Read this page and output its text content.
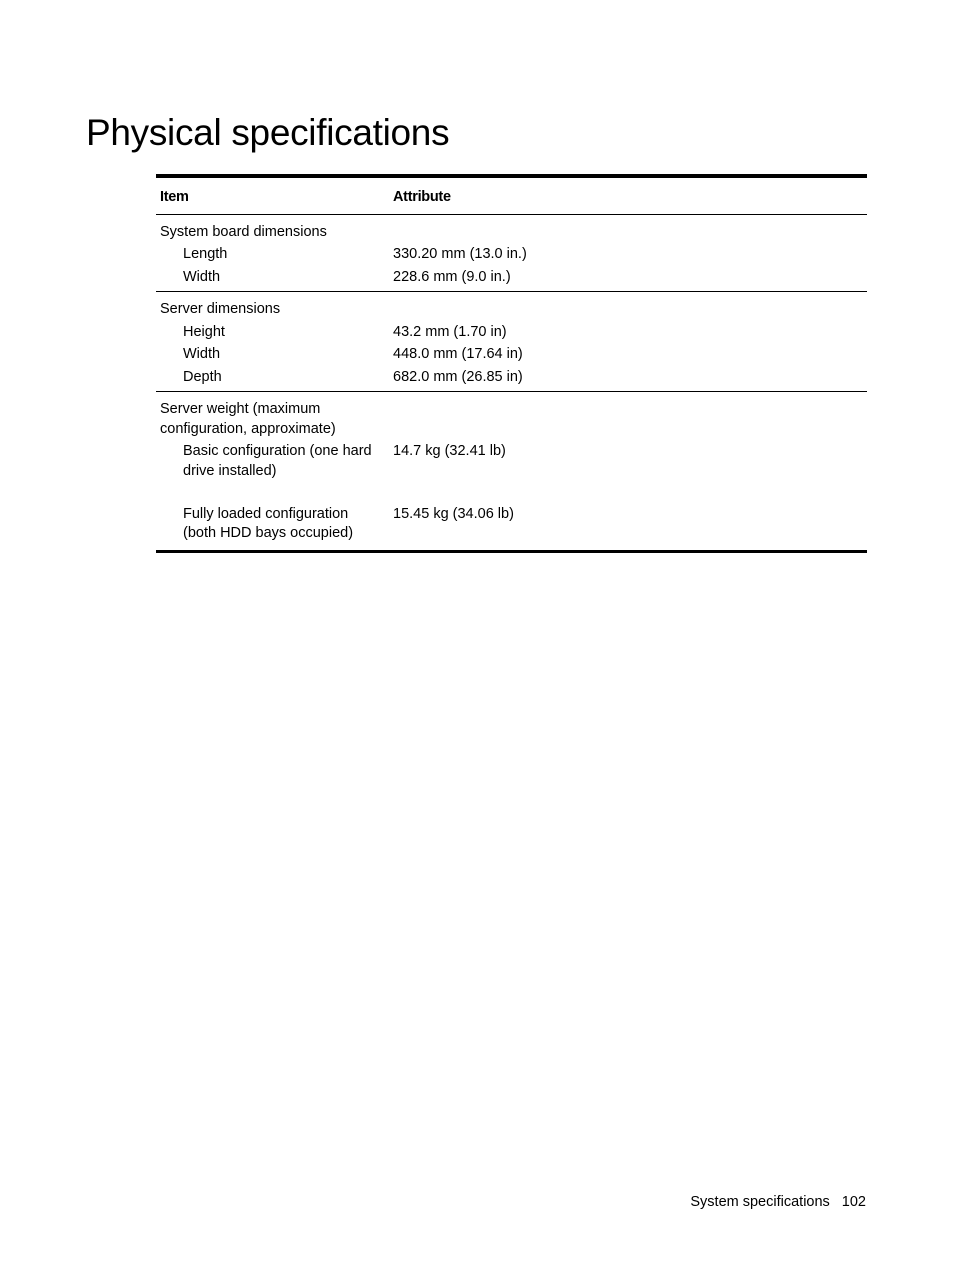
Physical specifications

Item	Attribute
System board dimensions	
Length	330.20 mm (13.0 in.)
Width	228.6 mm (9.0 in.)
Server dimensions	
Height	43.2 mm (1.70 in)
Width	448.0 mm (17.64 in)
Depth	682.0 mm (26.85 in)
Server weight (maximum configuration, approximate)	
Basic configuration (one hard drive installed)	14.7 kg (32.41 lb)
Fully loaded configuration (both HDD bays occupied)	15.45 kg (34.06 lb)
System specifications 102
